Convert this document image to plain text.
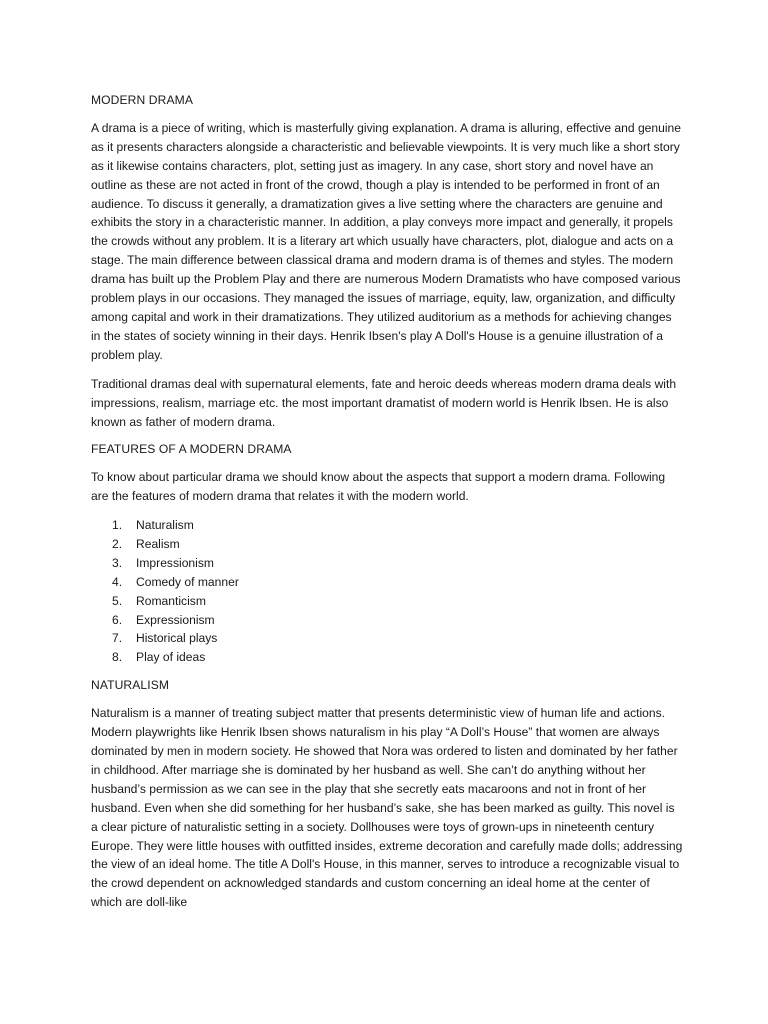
MODERN DRAMA

A drama is a piece of writing, which is masterfully giving explanation. A drama is alluring, effective and genuine as it presents characters alongside a characteristic and believable viewpoints. It is very much like a short story as it likewise contains characters, plot, setting just as imagery. In any case, short story and novel have an outline as these are not acted in front of the crowd, though a play is intended to be performed in front of an audience. To discuss it generally, a dramatization gives a live setting where the characters are genuine and exhibits the story in a characteristic manner. In addition, a play conveys more impact and generally, it propels the crowds without any problem. It is a literary art which usually have characters, plot, dialogue and acts on a stage. The main difference between classical drama and modern drama is of themes and styles. The modern drama has built up the Problem Play and there are numerous Modern Dramatists who have composed various problem plays in our occasions. They managed the issues of marriage, equity, law, organization, and difficulty among capital and work in their dramatizations. They utilized auditorium as a methods for achieving changes in the states of society winning in their days. Henrik Ibsen's play A Doll's House is a genuine illustration of a problem play.

Traditional dramas deal with supernatural elements, fate and heroic deeds whereas modern drama deals with impressions, realism, marriage etc. the most important dramatist of modern world is Henrik Ibsen. He is also known as father of modern drama.

FEATURES OF A MODERN DRAMA

To know about particular drama we should know about the aspects that support a modern drama. Following are the features of modern drama that relates it with the modern world.

1. Naturalism
2. Realism
3. Impressionism
4. Comedy of manner
5. Romanticism
6. Expressionism
7. Historical plays
8. Play of ideas

NATURALISM

Naturalism is a manner of treating subject matter that presents deterministic view of human life and actions. Modern playwrights like Henrik Ibsen shows naturalism in his play “A Doll’s House” that women are always dominated by men in modern society. He showed that Nora was ordered to listen and dominated by her father in childhood. After marriage she is dominated by her husband as well. She can’t do anything without her husband’s permission as we can see in the play that she secretly eats macaroons and not in front of her husband. Even when she did something for her husband’s sake, she has been marked as guilty. This novel is a clear picture of naturalistic setting in a society. Dollhouses were toys of grown-ups in nineteenth century Europe. They were little houses with outfitted insides, extreme decoration and carefully made dolls; addressing the view of an ideal home. The title A Doll's House, in this manner, serves to introduce a recognizable visual to the crowd dependent on acknowledged standards and custom concerning an ideal home at the center of which are doll-like
